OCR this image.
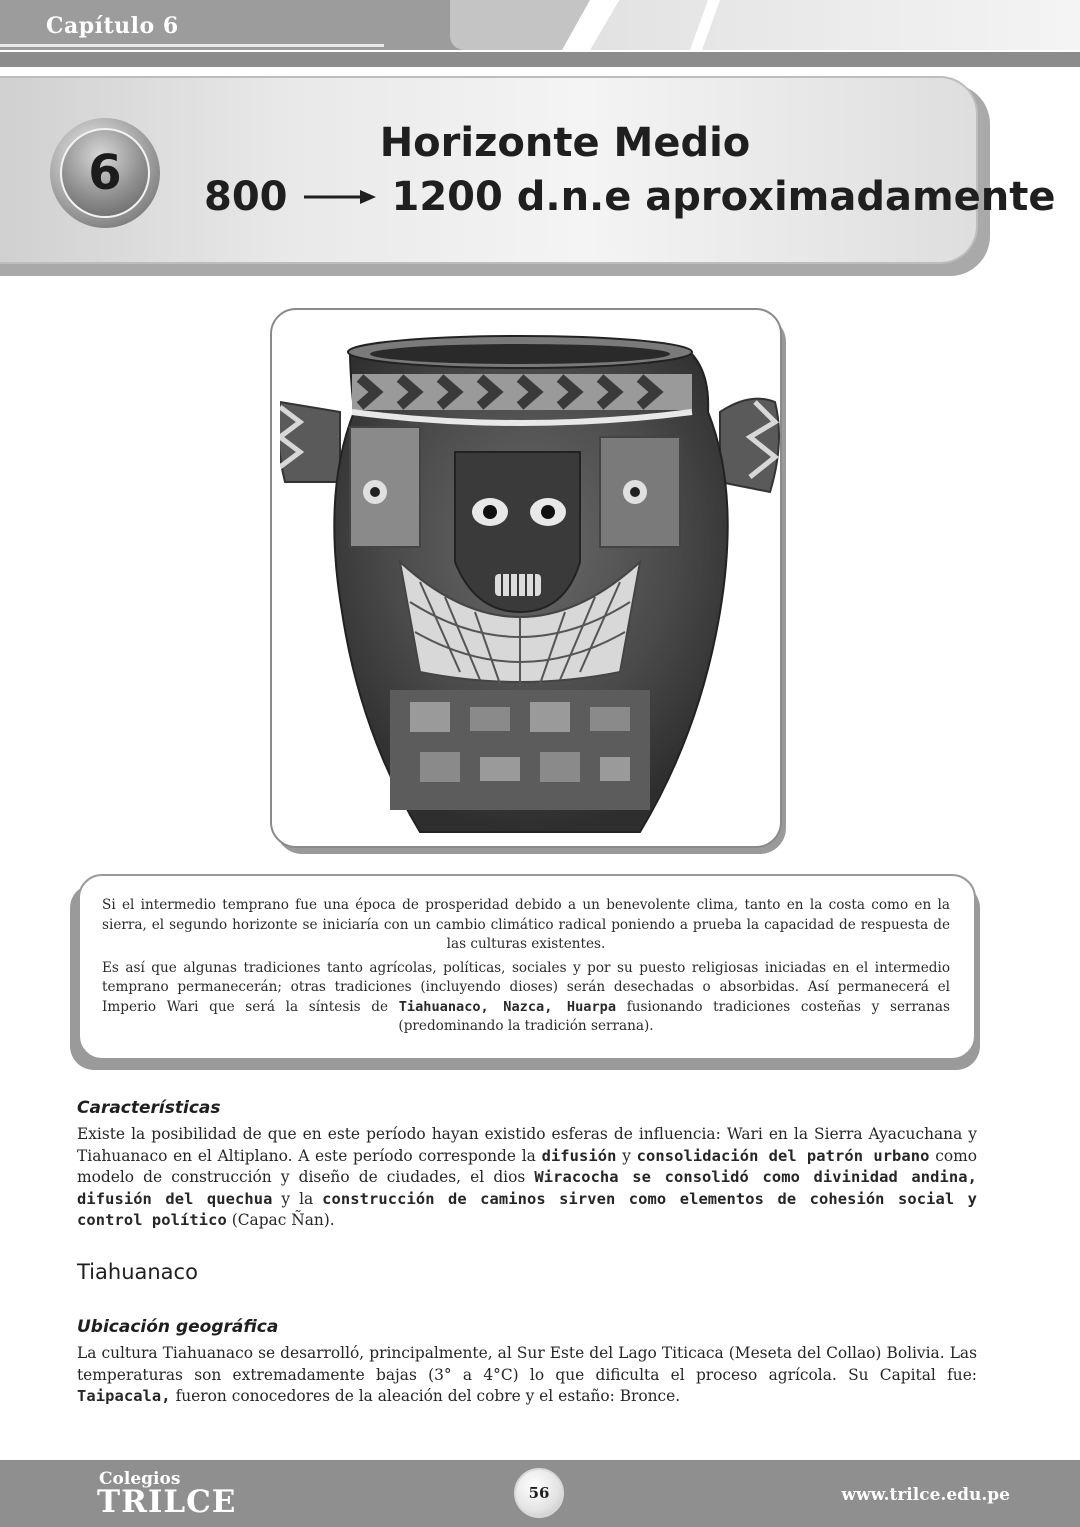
Capítulo 6
6
Horizonte Medio
800	1200 d.n.e aproximadamente

Si el intermedio temprano fue una época de prosperidad debido a un benevolente clima, tanto en la costa como en la sierra, el segundo horizonte se iniciaría con un cambio climático radical poniendo a prueba la capacidad de respuesta de las culturas existentes.

Es así que algunas tradiciones tanto agrícolas, políticas, sociales y por su puesto religiosas iniciadas en el intermedio temprano permanecerán; otras tradiciones (incluyendo dioses) serán desechadas o absorbidas. Así permanecerá el Imperio Wari que será la síntesis de Tiahuanaco, Nazca, Huarpa fusionando tradiciones costeñas y serranas (predominando la tradición serrana).

Características

Existe la posibilidad de que en este período hayan existido esferas de influencia: Wari en la Sierra Ayacuchana y Tiahuanaco en el Altiplano. A este período corresponde la difusión y consolidación del patrón urbano como modelo de construcción y diseño de ciudades, el dios Wiracocha se consolidó como divinidad andina, difusión del quechua y la construcción de caminos sirven como elementos de cohesión social y control político (Capac Ñan).

Tiahuanaco
Ubicación geográfica

La cultura Tiahuanaco se desarrolló, principalmente, al Sur Este del Lago Titicaca (Meseta del Collao) Bolivia. Las temperaturas son extremadamente bajas (3° a 4°C) lo que dificulta el proceso agrícola. Su Capital fue: Taipacala, fueron conocedores de la aleación del cobre y el estaño: Bronce.

Colegios
TRILCE	56	www.trilce.edu.pe
